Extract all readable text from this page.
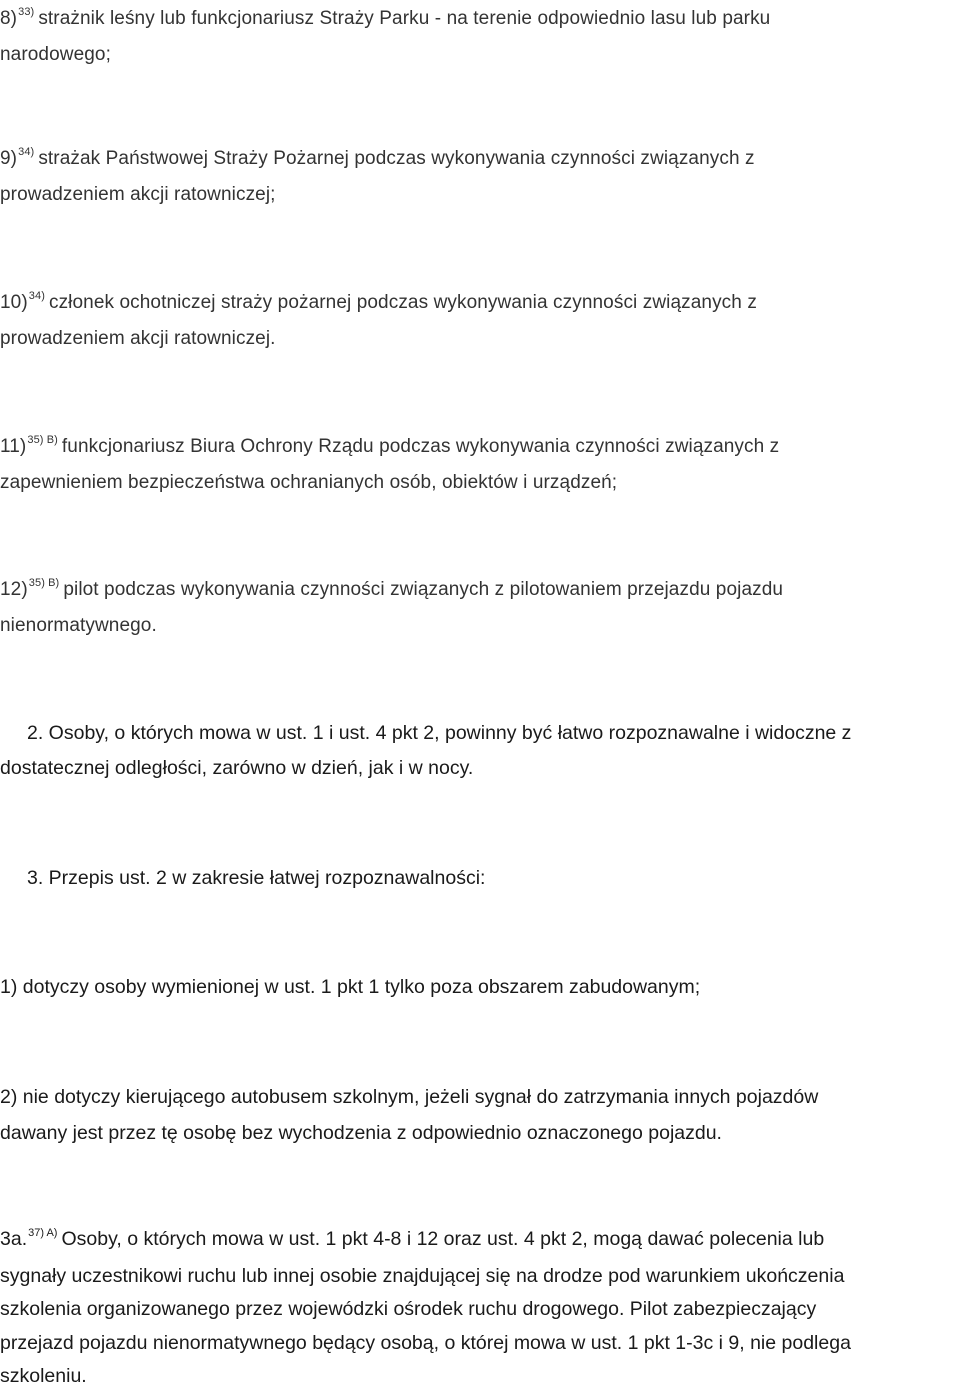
8)$^{33)}$ strażnik leśny lub funkcjonariusz Straży Parku - na terenie odpowiednio lasu lub parku
narodowego;
9)$^{34)}$ strażak Państwowej Straży Pożarnej podczas wykonywania czynności związanych z
prowadzeniem akcji ratowniczej;
10)$^{34)}$ członek ochotniczej straży pożarnej podczas wykonywania czynności związanych z
prowadzeniem akcji ratowniczej.
11)$^{35) B)}$ funkcjonariusz Biura Ochrony Rządu podczas wykonywania czynności związanych z
zapewnieniem bezpieczeństwa ochranianych osób, obiektów i urządzeń;
12)$^{35) B)}$ pilot podczas wykonywania czynności związanych z pilotowaniem przejazdu pojazdu
nienormatywnego.
2. Osoby, o których mowa w ust. 1 i ust. 4 pkt 2, powinny być łatwo rozpoznawalne i widoczne z
dostatecznej odległości, zarówno w dzień, jak i w nocy.
3. Przepis ust. 2 w zakresie łatwej rozpoznawalności:
1) dotyczy osoby wymienionej w ust. 1 pkt 1 tylko poza obszarem zabudowanym;
2) nie dotyczy kierującego autobusem szkolnym, jeżeli sygnał do zatrzymania innych pojazdów
dawany jest przez tę osobę bez wychodzenia z odpowiednio oznaczonego pojazdu.
3a.$^{37) A)}$ Osoby, o których mowa w ust. 1 pkt 4-8 i 12 oraz ust. 4 pkt 2, mogą dawać polecenia lub
sygnały uczestnikowi ruchu lub innej osobie znajdującej się na drodze pod warunkiem ukończenia
szkolenia organizowanego przez wojewódzki ośrodek ruchu drogowego. Pilot zabezpieczający
przejazd pojazdu nienormatywnego będący osobą, o której mowa w ust. 1 pkt 1-3c i 9, nie podlega
szkoleniu.
